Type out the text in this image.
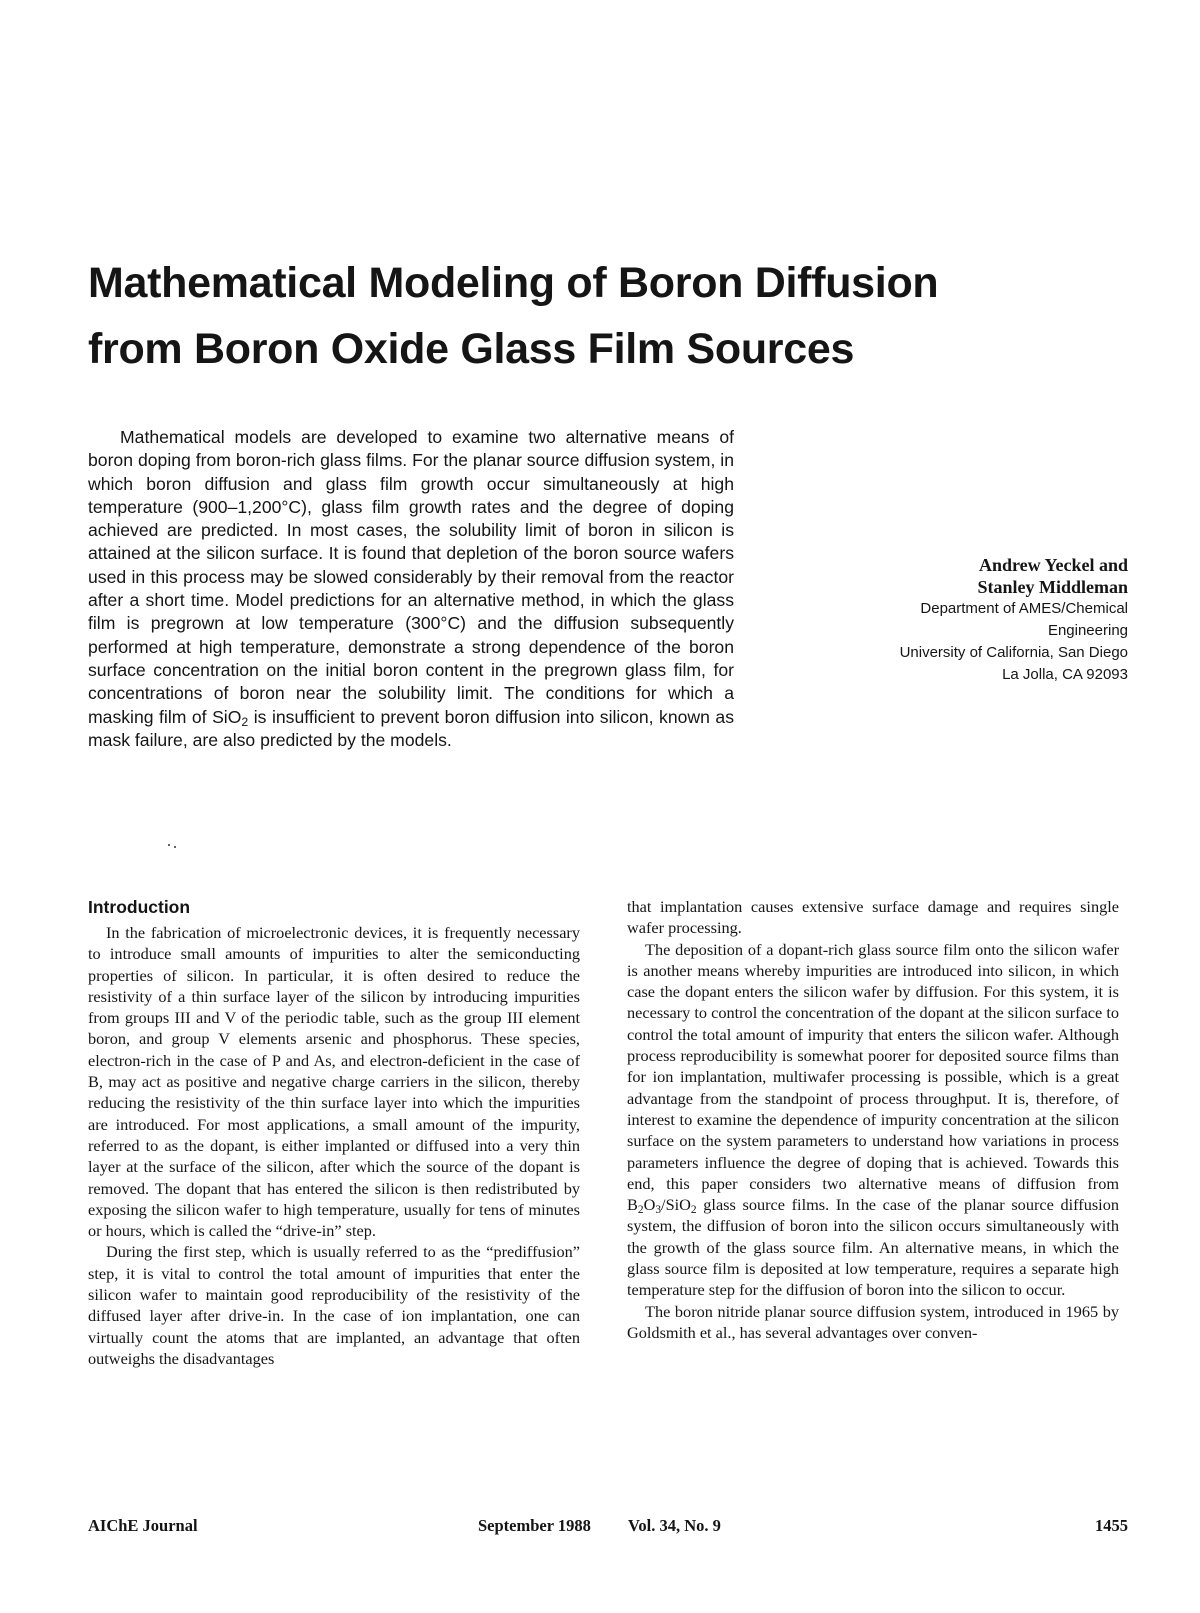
Mathematical Modeling of Boron Diffusion
from Boron Oxide Glass Film Sources

Mathematical models are developed to examine two alternative means of boron doping from boron-rich glass films. For the planar source diffusion system, in which boron diffusion and glass film growth occur simultaneously at high temperature (900–1,200°C), glass film growth rates and the degree of doping achieved are predicted. In most cases, the solubility limit of boron in silicon is attained at the silicon surface. It is found that depletion of the boron source wafers used in this process may be slowed considerably by their removal from the reactor after a short time. Model predictions for an alternative method, in which the glass film is pregrown at low temperature (300°C) and the diffusion subsequently performed at high temperature, demonstrate a strong dependence of the boron surface concentration on the initial boron content in the pregrown glass film, for concentrations of boron near the solubility limit. The conditions for which a masking film of SiO$_2$ is insufficient to prevent boron diffusion into silicon, known as mask failure, are also predicted by the models.

Andrew Yeckel and
Stanley Middleman
Department of AMES/Chemical
Engineering
University of California, San Diego
La Jolla, CA 92093
Introduction

In the fabrication of microelectronic devices, it is frequently necessary to introduce small amounts of impurities to alter the semiconducting properties of silicon. In particular, it is often desired to reduce the resistivity of a thin surface layer of the silicon by introducing impurities from groups III and V of the periodic table, such as the group III element boron, and group V elements arsenic and phosphorus. These species, electron-rich in the case of P and As, and electron-deficient in the case of B, may act as positive and negative charge carriers in the silicon, thereby reducing the resistivity of the thin surface layer into which the impurities are introduced. For most applications, a small amount of the impurity, referred to as the dopant, is either implanted or diffused into a very thin layer at the surface of the silicon, after which the source of the dopant is removed. The dopant that has entered the silicon is then redistributed by exposing the silicon wafer to high temperature, usually for tens of minutes or hours, which is called the “drive-in” step.

During the first step, which is usually referred to as the “prediffusion” step, it is vital to control the total amount of impurities that enter the silicon wafer to maintain good reproducibility of the resistivity of the diffused layer after drive-in. In the case of ion implantation, one can virtually count the atoms that are implanted, an advantage that often outweighs the disadvantages

that implantation causes extensive surface damage and requires single wafer processing.

The deposition of a dopant-rich glass source film onto the silicon wafer is another means whereby impurities are introduced into silicon, in which case the dopant enters the silicon wafer by diffusion. For this system, it is necessary to control the concentration of the dopant at the silicon surface to control the total amount of impurity that enters the silicon wafer. Although process reproducibility is somewhat poorer for deposited source films than for ion implantation, multiwafer processing is possible, which is a great advantage from the standpoint of process throughput. It is, therefore, of interest to examine the dependence of impurity concentration at the silicon surface on the system parameters to understand how variations in process parameters influence the degree of doping that is achieved. Towards this end, this paper considers two alternative means of diffusion from $B_2O_3/SiO_2$ glass source films. In the case of the planar source diffusion system, the diffusion of boron into the silicon occurs simultaneously with the growth of the glass source film. An alternative means, in which the glass source film is deposited at low temperature, requires a separate high temperature step for the diffusion of boron into the silicon to occur.

The boron nitride planar source diffusion system, introduced in 1965 by Goldsmith et al., has several advantages over conven-

AIChE Journal	September 1988 Vol. 34, No. 9	1455
